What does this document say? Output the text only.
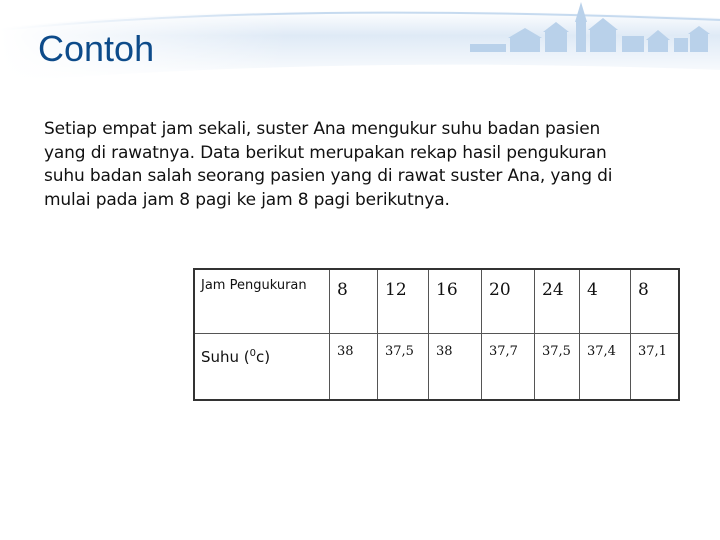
Contoh

Setiap empat jam sekali, suster Ana mengukur suhu badan pasien yang di rawatnya. Data berikut merupakan rekap hasil pengukuran suhu badan salah seorang pasien yang di rawat suster Ana, yang di mulai pada jam 8 pagi ke jam 8 pagi berikutnya.

Jam Pengukuran	8	12	16	20	24	4	8

Suhu ($^0$c)	38	37,5	38	37,7	37,5	37,4	37,1
